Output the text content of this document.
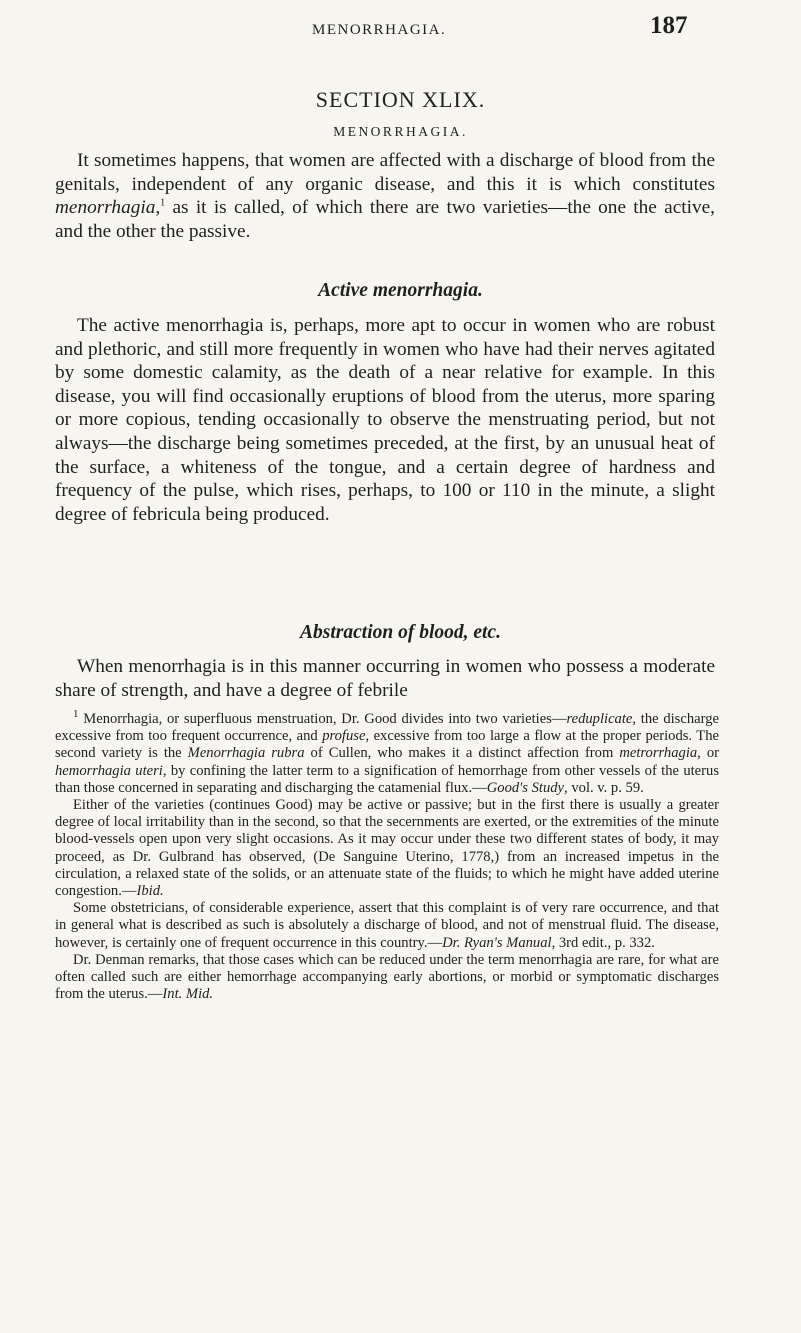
MENORRHAGIA.	187
SECTION XLIX.
MENORRHAGIA.

It sometimes happens, that women are affected with a discharge of blood from the genitals, independent of any organic disease, and this it is which constitutes menorrhagia,$^1$ as it is called, of which there are two varieties—the one the active, and the other the passive.

Active menorrhagia.

The active menorrhagia is, perhaps, more apt to occur in women who are robust and plethoric, and still more frequently in women who have had their nerves agitated by some domestic calamity, as the death of a near relative for example. In this disease, you will find occasionally eruptions of blood from the uterus, more sparing or more copious, tending occasionally to observe the menstruating period, but not always—the discharge being sometimes preceded, at the first, by an unusual heat of the surface, a whiteness of the tongue, and a certain degree of hardness and frequency of the pulse, which rises, perhaps, to 100 or 110 in the minute, a slight degree of febricula being produced.

Abstraction of blood, etc.

When menorrhagia is in this manner occurring in women who possess a moderate share of strength, and have a degree of febrile

$^1$ Menorrhagia, or superfluous menstruation, Dr. Good divides into two varieties—reduplicate, the discharge excessive from too frequent occurrence, and profuse, excessive from too large a flow at the proper periods. The second variety is the Menorrhagia rubra of Cullen, who makes it a distinct affection from metrorrhagia, or hemorrhagia uteri, by confining the latter term to a signification of hemorrhage from other vessels of the uterus than those concerned in separating and discharging the catamenial flux.—Good's Study, vol. v. p. 59.

Either of the varieties (continues Good) may be active or passive; but in the first there is usually a greater degree of local irritability than in the second, so that the secernments are exerted, or the extremities of the minute blood-vessels open upon very slight occasions. As it may occur under these two different states of body, it may proceed, as Dr. Gulbrand has observed, (De Sanguine Uterino, 1778,) from an increased impetus in the circulation, a relaxed state of the solids, or an attenuate state of the fluids; to which he might have added uterine congestion.—Ibid.

Some obstetricians, of considerable experience, assert that this complaint is of very rare occurrence, and that in general what is described as such is absolutely a discharge of blood, and not of menstrual fluid. The disease, however, is certainly one of frequent occurrence in this country.—Dr. Ryan's Manual, 3rd edit., p. 332.

Dr. Denman remarks, that those cases which can be reduced under the term menorrhagia are rare, for what are often called such are either hemorrhage accompanying early abortions, or morbid or symptomatic discharges from the uterus.—Int. Mid.
